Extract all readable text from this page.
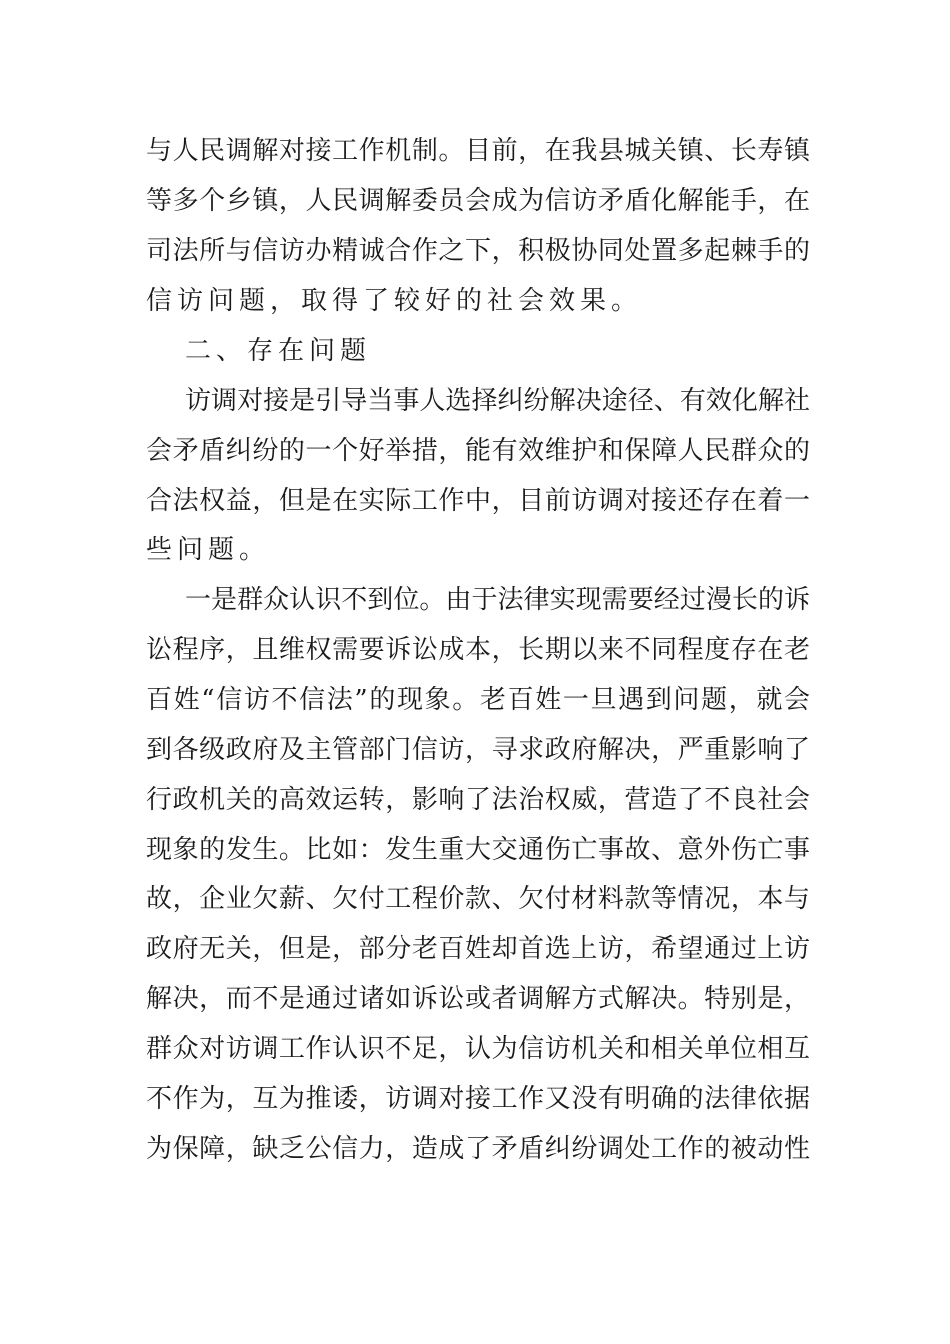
与人民调解对接工作机制。目前，在我县城关镇、长寿镇
等多个乡镇，人民调解委员会成为信访矛盾化解能手，在
司法所与信访办精诚合作之下，积极协同处置多起棘手的
信访问题，取得了较好的社会效果。
二、存在问题
访调对接是引导当事人选择纠纷解决途径、有效化解社
会矛盾纠纷的一个好举措，能有效维护和保障人民群众的
合法权益，但是在实际工作中，目前访调对接还存在着一
些问题。
一是群众认识不到位。由于法律实现需要经过漫长的诉
讼程序，且维权需要诉讼成本，长期以来不同程度存在老
百姓“信访不信法”的现象。老百姓一旦遇到问题，就会
到各级政府及主管部门信访，寻求政府解决，严重影响了
行政机关的高效运转，影响了法治权威，营造了不良社会
现象的发生。比如：发生重大交通伤亡事故、意外伤亡事
故，企业欠薪、欠付工程价款、欠付材料款等情况，本与
政府无关，但是，部分老百姓却首选上访，希望通过上访
解决，而不是通过诸如诉讼或者调解方式解决。特别是，
群众对访调工作认识不足，认为信访机关和相关单位相互
不作为，互为推诿，访调对接工作又没有明确的法律依据
为保障，缺乏公信力，造成了矛盾纠纷调处工作的被动性
